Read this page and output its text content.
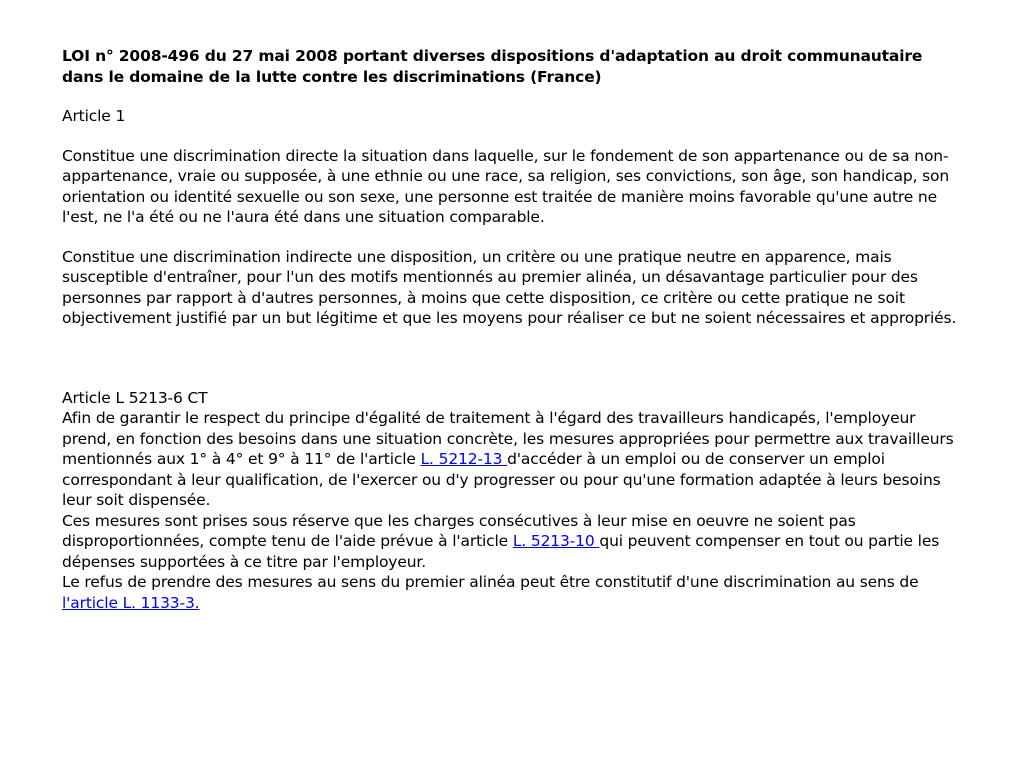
LOI n° 2008-496 du 27 mai 2008 portant diverses dispositions d'adaptation au droit communautaire dans le domaine de la lutte contre les discriminations (France)

Article 1

Constitue une discrimination directe la situation dans laquelle, sur le fondement de son appartenance ou de sa non-appartenance, vraie ou supposée, à une ethnie ou une race, sa religion, ses convictions, son âge, son handicap, son orientation ou identité sexuelle ou son sexe, une personne est traitée de manière moins favorable qu'une autre ne l'est, ne l'a été ou ne l'aura été dans une situation comparable.

Constitue une discrimination indirecte une disposition, un critère ou une pratique neutre en apparence, mais susceptible d'entraîner, pour l'un des motifs mentionnés au premier alinéa, un désavantage particulier pour des personnes par rapport à d'autres personnes, à moins que cette disposition, ce critère ou cette pratique ne soit objectivement justifié par un but légitime et que les moyens pour réaliser ce but ne soient nécessaires et appropriés.

Article L 5213-6 CT

Afin de garantir le respect du principe d'égalité de traitement à l'égard des travailleurs handicapés, l'employeur prend, en fonction des besoins dans une situation concrète, les mesures appropriées pour permettre aux travailleurs mentionnés aux 1° à 4° et 9° à 11° de l'article L. 5212-13 d'accéder à un emploi ou de conserver un emploi correspondant à leur qualification, de l'exercer ou d'y progresser ou pour qu'une formation adaptée à leurs besoins leur soit dispensée.

Ces mesures sont prises sous réserve que les charges consécutives à leur mise en oeuvre ne soient pas disproportionnées, compte tenu de l'aide prévue à l'article L. 5213-10 qui peuvent compenser en tout ou partie les dépenses supportées à ce titre par l'employeur.

Le refus de prendre des mesures au sens du premier alinéa peut être constitutif d'une discrimination au sens de l'article L. 1133-3.
